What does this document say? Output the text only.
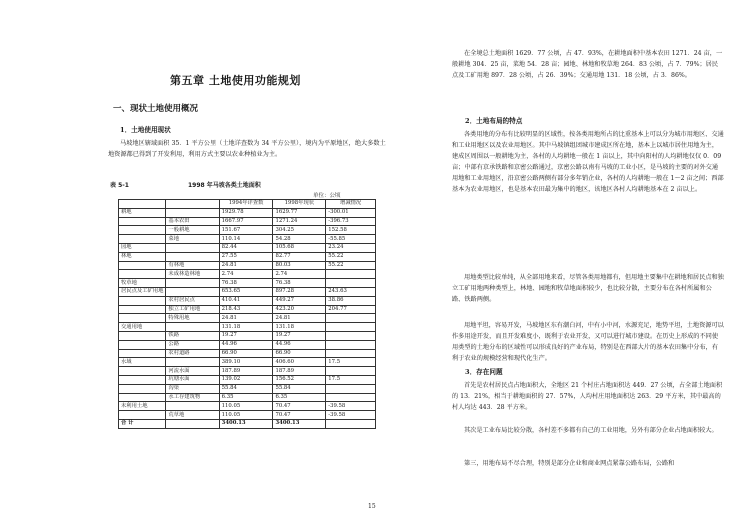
第五章 土地使用功能规划
一、现状土地使用概况
1．土地使用现状
马坡地区辖域面积 35．1 平方公里（土地详查数为 34 平方公里），境内为平原地区，绝大多数土地资源都已得到了开发利用，利用方式主要以农业种植业为主。
表 5-1	1998 年马坡各类土地面积
单位：公顷
		1994年详查数	1998年现状	增减情况
耕地		1929.78	1629.77	-300.01
	基本农田	1667.97	1271.24	-396.73
	一般耕地	151.67	304.25	152.58
	菜地	110.14	54.28	-55.85
园地		82.44	105.68	23.24
林地		27.55	82.77	55.22
	有林地	24.81	80.03	55.22
	未成林造林地	2.74	2.74	
牧草地		76.38	76.38	
居民点及工矿用地		653.65	897.28	243.63
	农村居民点	410.41	449.27	38.86
	独立工矿用地	218.43	423.20	204.77
	特殊用地	24.81	24.81	
交通用地		131.18	131.18	
	铁路	19.27	19.27	
	公路	44.96	44.96	
	农村道路	66.90	66.90	
水域		389.10	406.60	17.5
	河流水面	187.89	187.89	
	坑塘水面	139.02	156.52	17.5
	沟渠	55.84	55.84	
	水工存建筑物	6.35	6.35	
未利用土地		110.05	70.47	-39.58
	荒草地	110.05	70.47	-39.58
合 计		3400.13	3400.13	
在全境总土地面积 1629．77 公顷，占 47．93%，在耕地面积中基本农田 1271．24 亩，一般耕地 304．25 亩，菜地 54．28 亩；园地、林地和牧草地 264．83 公顷，占 7．79%；居民点及工矿用地 897．28 公顷，占 26．39%；交通用地 131．18 公顷，占 3．86%。
2．土地布局的特点
各类用地的分布有比较明显的区域性，按各类用地所占的比重基本上可以分为城市用地区、交通和工业用地区以及农业用地区。其中马坡镇组团城市建成区所在地，基本上以城市居住用地为主，建成区周围以一般耕地为主，各村的人均耕地一般在 1 亩以上，其中向阳村的人均耕地仅仅 0．09 亩；中部有京承铁路和京密公路通过，京密公路以南有马坡的工业小区，是马坡的主要的对外交通用地和工业用地区，沿京密公路两侧有部分多年销企业，各村的人均耕地一般在 1～2 亩之间；西部基本为农业用地区，也是基本农田最为集中的地区，该地区各村人均耕地基本在 2 亩以上。
用地类型比较单纯，从全部用地来看，尽管各类用地都有，但用地主要集中在耕地和居民点和独立工矿用地两种类型上，林地、园地和牧草地面积较少，也比较分散，主要分布在各村所属和公路、铁路两侧。
用地平坦，容易开发，马坡地区东有潮白河，中有小中河，水源充足，地势平坦，土地资源可以作多用途开发，而且开发难度小，既利于农业开发，又可以进行城市建设。在历史上形成的不同使用类型的土地分布的区域性可以形成良好的产业布局，特别是在西部大片的基本农田集中分布，有利于农业的规模经营和现代化生产。
3．存在问题
首先是农村居民点占地面积大，全地区 21 个村庄占地面积达 449．27 公顷，占全部土地面积的 13．21%，相当于耕地面积的 27．57%，人均村庄用地面积达 263．29 平方米，其中最高的村人均达 443．28 平方米。
其次是工业布局比较分散，各村差不多都有自己的工业用地，另外有部分企业占地面积较大。
第三，用地布局不尽合理，特别是部分企业和商业网点紧靠公路布局，公路和
15
